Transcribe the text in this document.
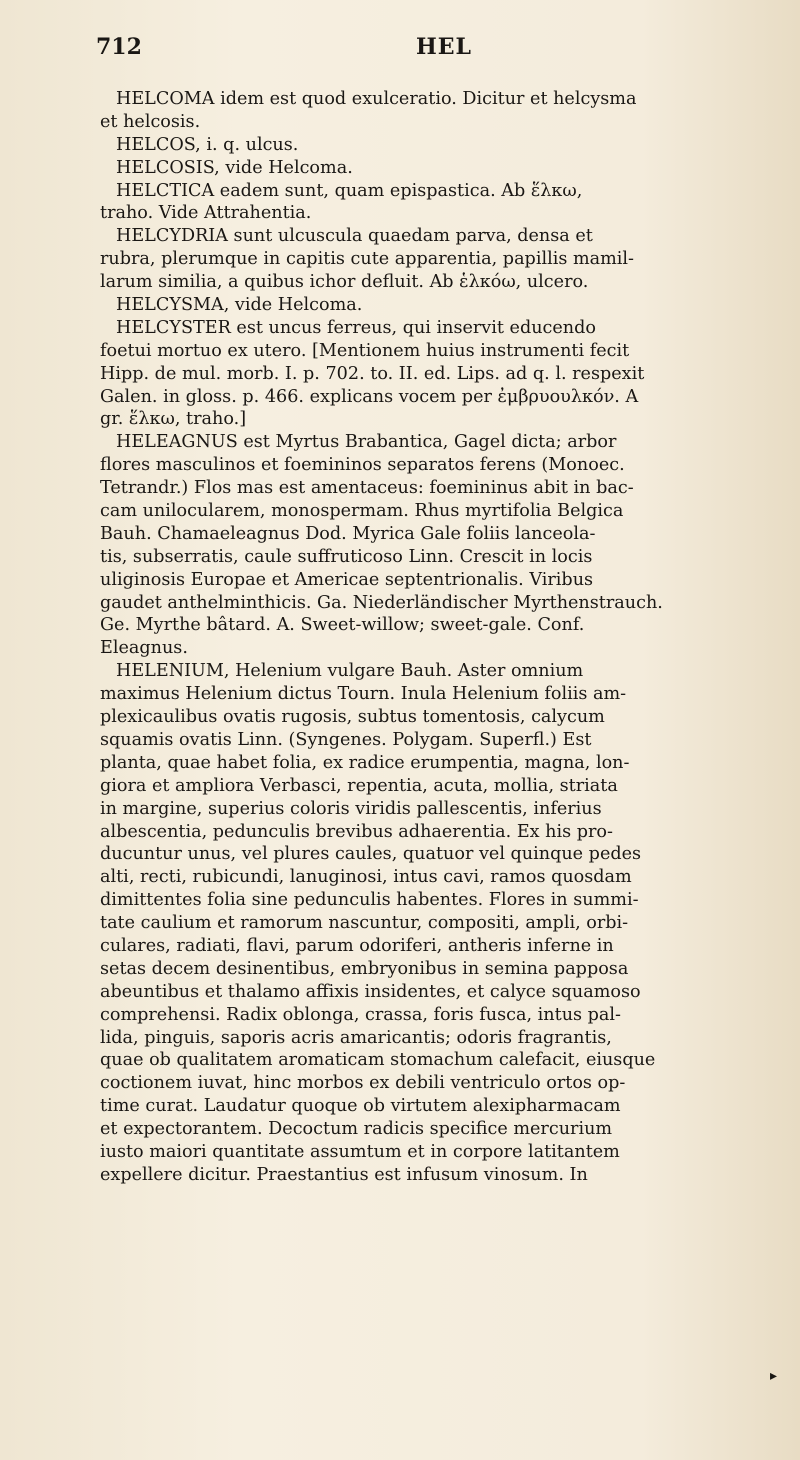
712	HEL
HELCOMA idem est quod exulceratio. Dicitur et helcysma
et helcosis.
HELCOS, i. q. ulcus.
HELCOSIS, vide Helcoma.
HELCTICA eadem sunt, quam epispastica. Ab ἕλκω,
traho. Vide Attrahentia.
HELCYDRIA sunt ulcuscula quaedam parva, densa et
rubra, plerumque in capitis cute apparentia, papillis mamil-
larum similia, a quibus ichor defluit. Ab ἑλκόω, ulcero.
HELCYSMA, vide Helcoma.
HELCYSTER est uncus ferreus, qui inservit educendo
foetui mortuo ex utero. [Mentionem huius instrumenti fecit
Hipp. de mul. morb. I. p. 702. to. II. ed. Lips. ad q. l. respexit
Galen. in gloss. p. 466. explicans vocem per ἐμβρυουλκόν. A
gr. ἕλκω, traho.]
HELEAGNUS est Myrtus Brabantica, Gagel dicta; arbor
flores masculinos et foemininos separatos ferens (Monoec.
Tetrandr.) Flos mas est amentaceus: foemininus abit in bac-
cam unilocularem, monospermam. Rhus myrtifolia Belgica
Bauh. Chamaeleagnus Dod. Myrica Gale foliis lanceola-
tis, subserratis, caule suffruticoso Linn. Crescit in locis
uliginosis Europae et Americae septentrionalis. Viribus
gaudet anthelminthicis. Ga. Niederländischer Myrthenstrauch.
Ge. Myrthe bâtard. A. Sweet-willow; sweet-gale. Conf.
Eleagnus.
HELENIUM, Helenium vulgare Bauh. Aster omnium
maximus Helenium dictus Tourn. Inula Helenium foliis am-
plexicaulibus ovatis rugosis, subtus tomentosis, calycum
squamis ovatis Linn. (Syngenes. Polygam. Superfl.) Est
planta, quae habet folia, ex radice erumpentia, magna, lon-
giora et ampliora Verbasci, repentia, acuta, mollia, striata
in margine, superius coloris viridis pallescentis, inferius
albescentia, pedunculis brevibus adhaerentia. Ex his pro-
ducuntur unus, vel plures caules, quatuor vel quinque pedes
alti, recti, rubicundi, lanuginosi, intus cavi, ramos quosdam
dimittentes folia sine pedunculis habentes. Flores in summi-
tate caulium et ramorum nascuntur, compositi, ampli, orbi-
culares, radiati, flavi, parum odoriferi, antheris inferne in
setas decem desinentibus, embryonibus in semina papposa
abeuntibus et thalamo affixis insidentes, et calyce squamoso
comprehensi. Radix oblonga, crassa, foris fusca, intus pal-
lida, pinguis, saporis acris amaricantis; odoris fragrantis,
quae ob qualitatem aromaticam stomachum calefacit, eiusque
coctionem iuvat, hinc morbos ex debili ventriculo ortos op-
time curat. Laudatur quoque ob virtutem alexipharmacam
et expectorantem. Decoctum radicis specifice mercurium
iusto maiori quantitate assumtum et in corpore latitantem
expellere dicitur. Praestantius est infusum vinosum. In
▸
